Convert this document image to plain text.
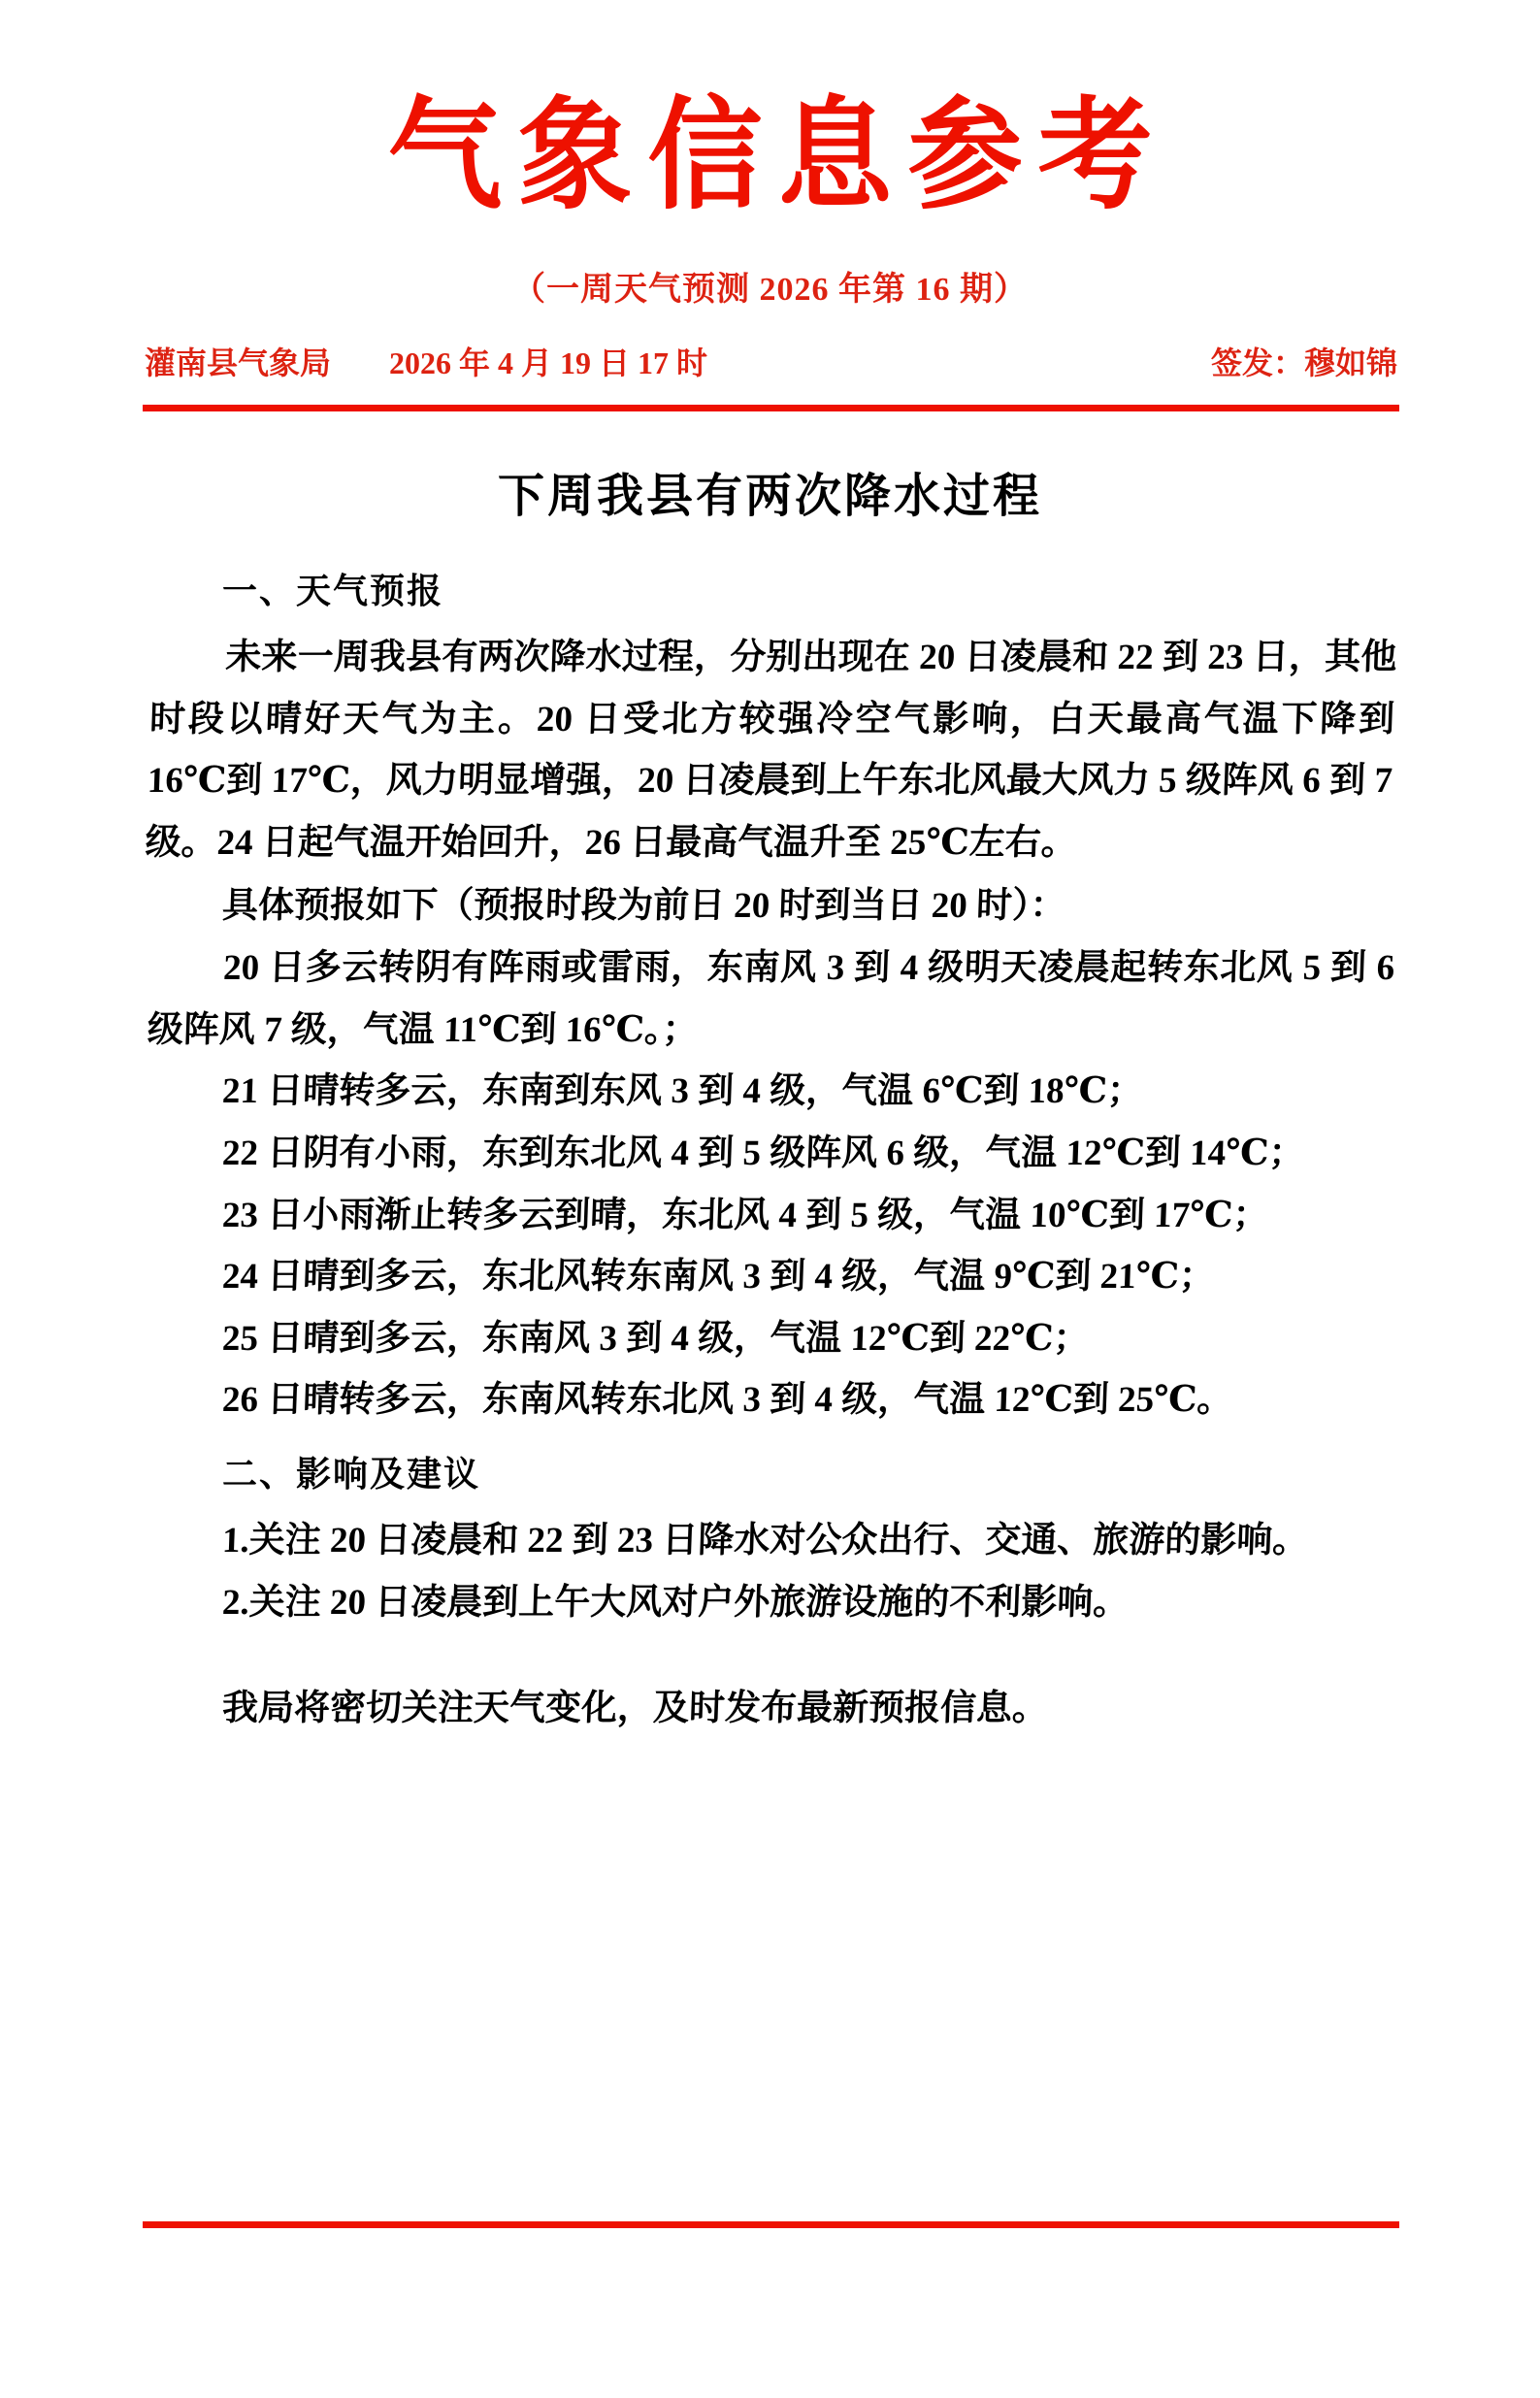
气象信息参考
（一周天气预测 2026 年第 16 期）
灌南县气象局 2026 年 4 月 19 日 17 时	签发：穆如锦
下周我县有两次降水过程
一、天气预报

未来一周我县有两次降水过程，分别出现在 20 日凌晨和 22 到 23 日，其他时段以晴好天气为主。20 日受北方较强冷空气影响，白天最高气温下降到 16℃到 17℃，风力明显增强，20 日凌晨到上午东北风最大风力 5 级阵风 6 到 7 级。24 日起气温开始回升，26 日最高气温升至 25℃左右。

具体预报如下（预报时段为前日 20 时到当日 20 时）：

20 日多云转阴有阵雨或雷雨，东南风 3 到 4 级明天凌晨起转东北风 5 到 6 级阵风 7 级，气温 11℃到 16℃。；

21 日晴转多云，东南到东风 3 到 4 级，气温 6℃到 18℃；

22 日阴有小雨，东到东北风 4 到 5 级阵风 6 级，气温 12℃到 14℃；

23 日小雨渐止转多云到晴，东北风 4 到 5 级，气温 10℃到 17℃；

24 日晴到多云，东北风转东南风 3 到 4 级，气温 9℃到 21℃；

25 日晴到多云，东南风 3 到 4 级，气温 12℃到 22℃；

26 日晴转多云，东南风转东北风 3 到 4 级，气温 12℃到 25℃。

二、影响及建议

1.关注 20 日凌晨和 22 到 23 日降水对公众出行、交通、旅游的影响。

2.关注 20 日凌晨到上午大风对户外旅游设施的不利影响。

我局将密切关注天气变化，及时发布最新预报信息。
